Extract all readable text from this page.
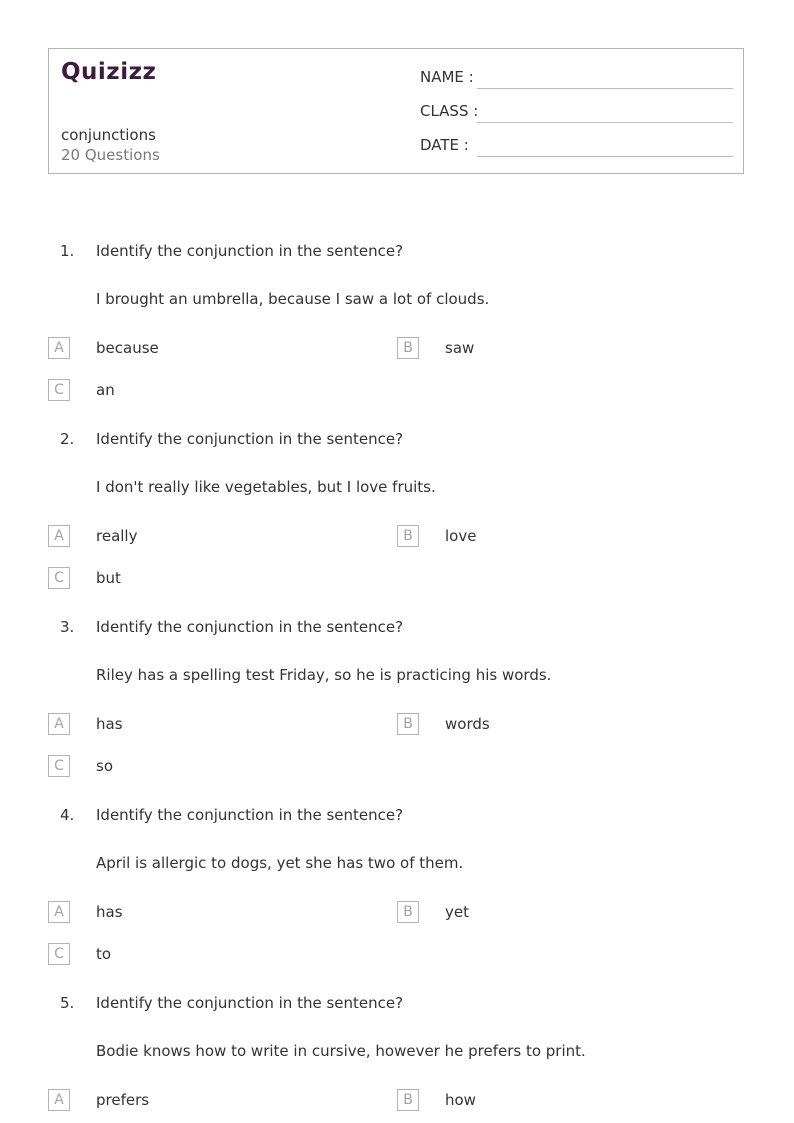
Quizizz
conjunctions
20 Questions
NAME :
CLASS :
DATE :
1. Identify the conjunction in the sentence?
I brought an umbrella, because I saw a lot of clouds.
A	because	B	saw
C	an
2. Identify the conjunction in the sentence?
I don't really like vegetables, but I love fruits.
A	really	B	love
C	but
3. Identify the conjunction in the sentence?
Riley has a spelling test Friday, so he is practicing his words.
A	has	B	words
C	so
4. Identify the conjunction in the sentence?
April is allergic to dogs, yet she has two of them.
A	has	B	yet
C	to
5. Identify the conjunction in the sentence?
Bodie knows how to write in cursive, however he prefers to print.
A	prefers	B	how
